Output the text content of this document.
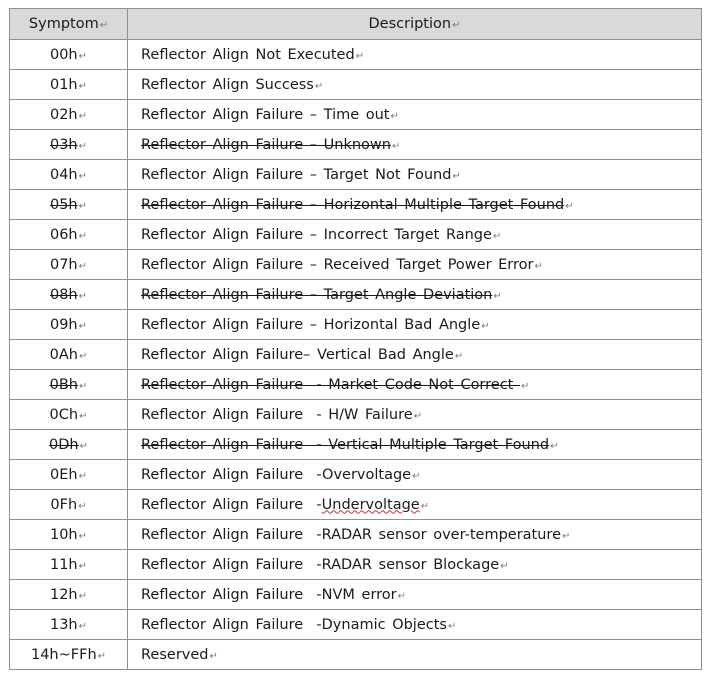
Symptom↵	Description↵
00h↵	Reflector Align Not Executed↵
01h↵	Reflector Align Success↵
02h↵	Reflector Align Failure – Time out↵
03h↵	Reflector Align Failure – Unknown↵
04h↵	Reflector Align Failure – Target Not Found↵
05h↵	Reflector Align Failure – Horizontal Multiple Target Found↵
06h↵	Reflector Align Failure – Incorrect Target Range↵
07h↵	Reflector Align Failure – Received Target Power Error↵
08h↵	Reflector Align Failure – Target Angle Deviation↵
09h↵	Reflector Align Failure – Horizontal Bad Angle↵
0Ah↵	Reflector Align Failure– Vertical Bad Angle↵
0Bh↵	Reflector Align Failure  - Market Code Not Correct ↵
0Ch↵	Reflector Align Failure  - H/W Failure↵
0Dh↵	Reflector Align Failure  - Vertical Multiple Target Found↵
0Eh↵	Reflector Align Failure  -Overvoltage↵
0Fh↵	Reflector Align Failure  -Undervoltage↵
10h↵	Reflector Align Failure  -RADAR sensor over-temperature↵
11h↵	Reflector Align Failure  -RADAR sensor Blockage↵
12h↵	Reflector Align Failure  -NVM error↵
13h↵	Reflector Align Failure  -Dynamic Objects↵
14h~FFh↵	Reserved↵
